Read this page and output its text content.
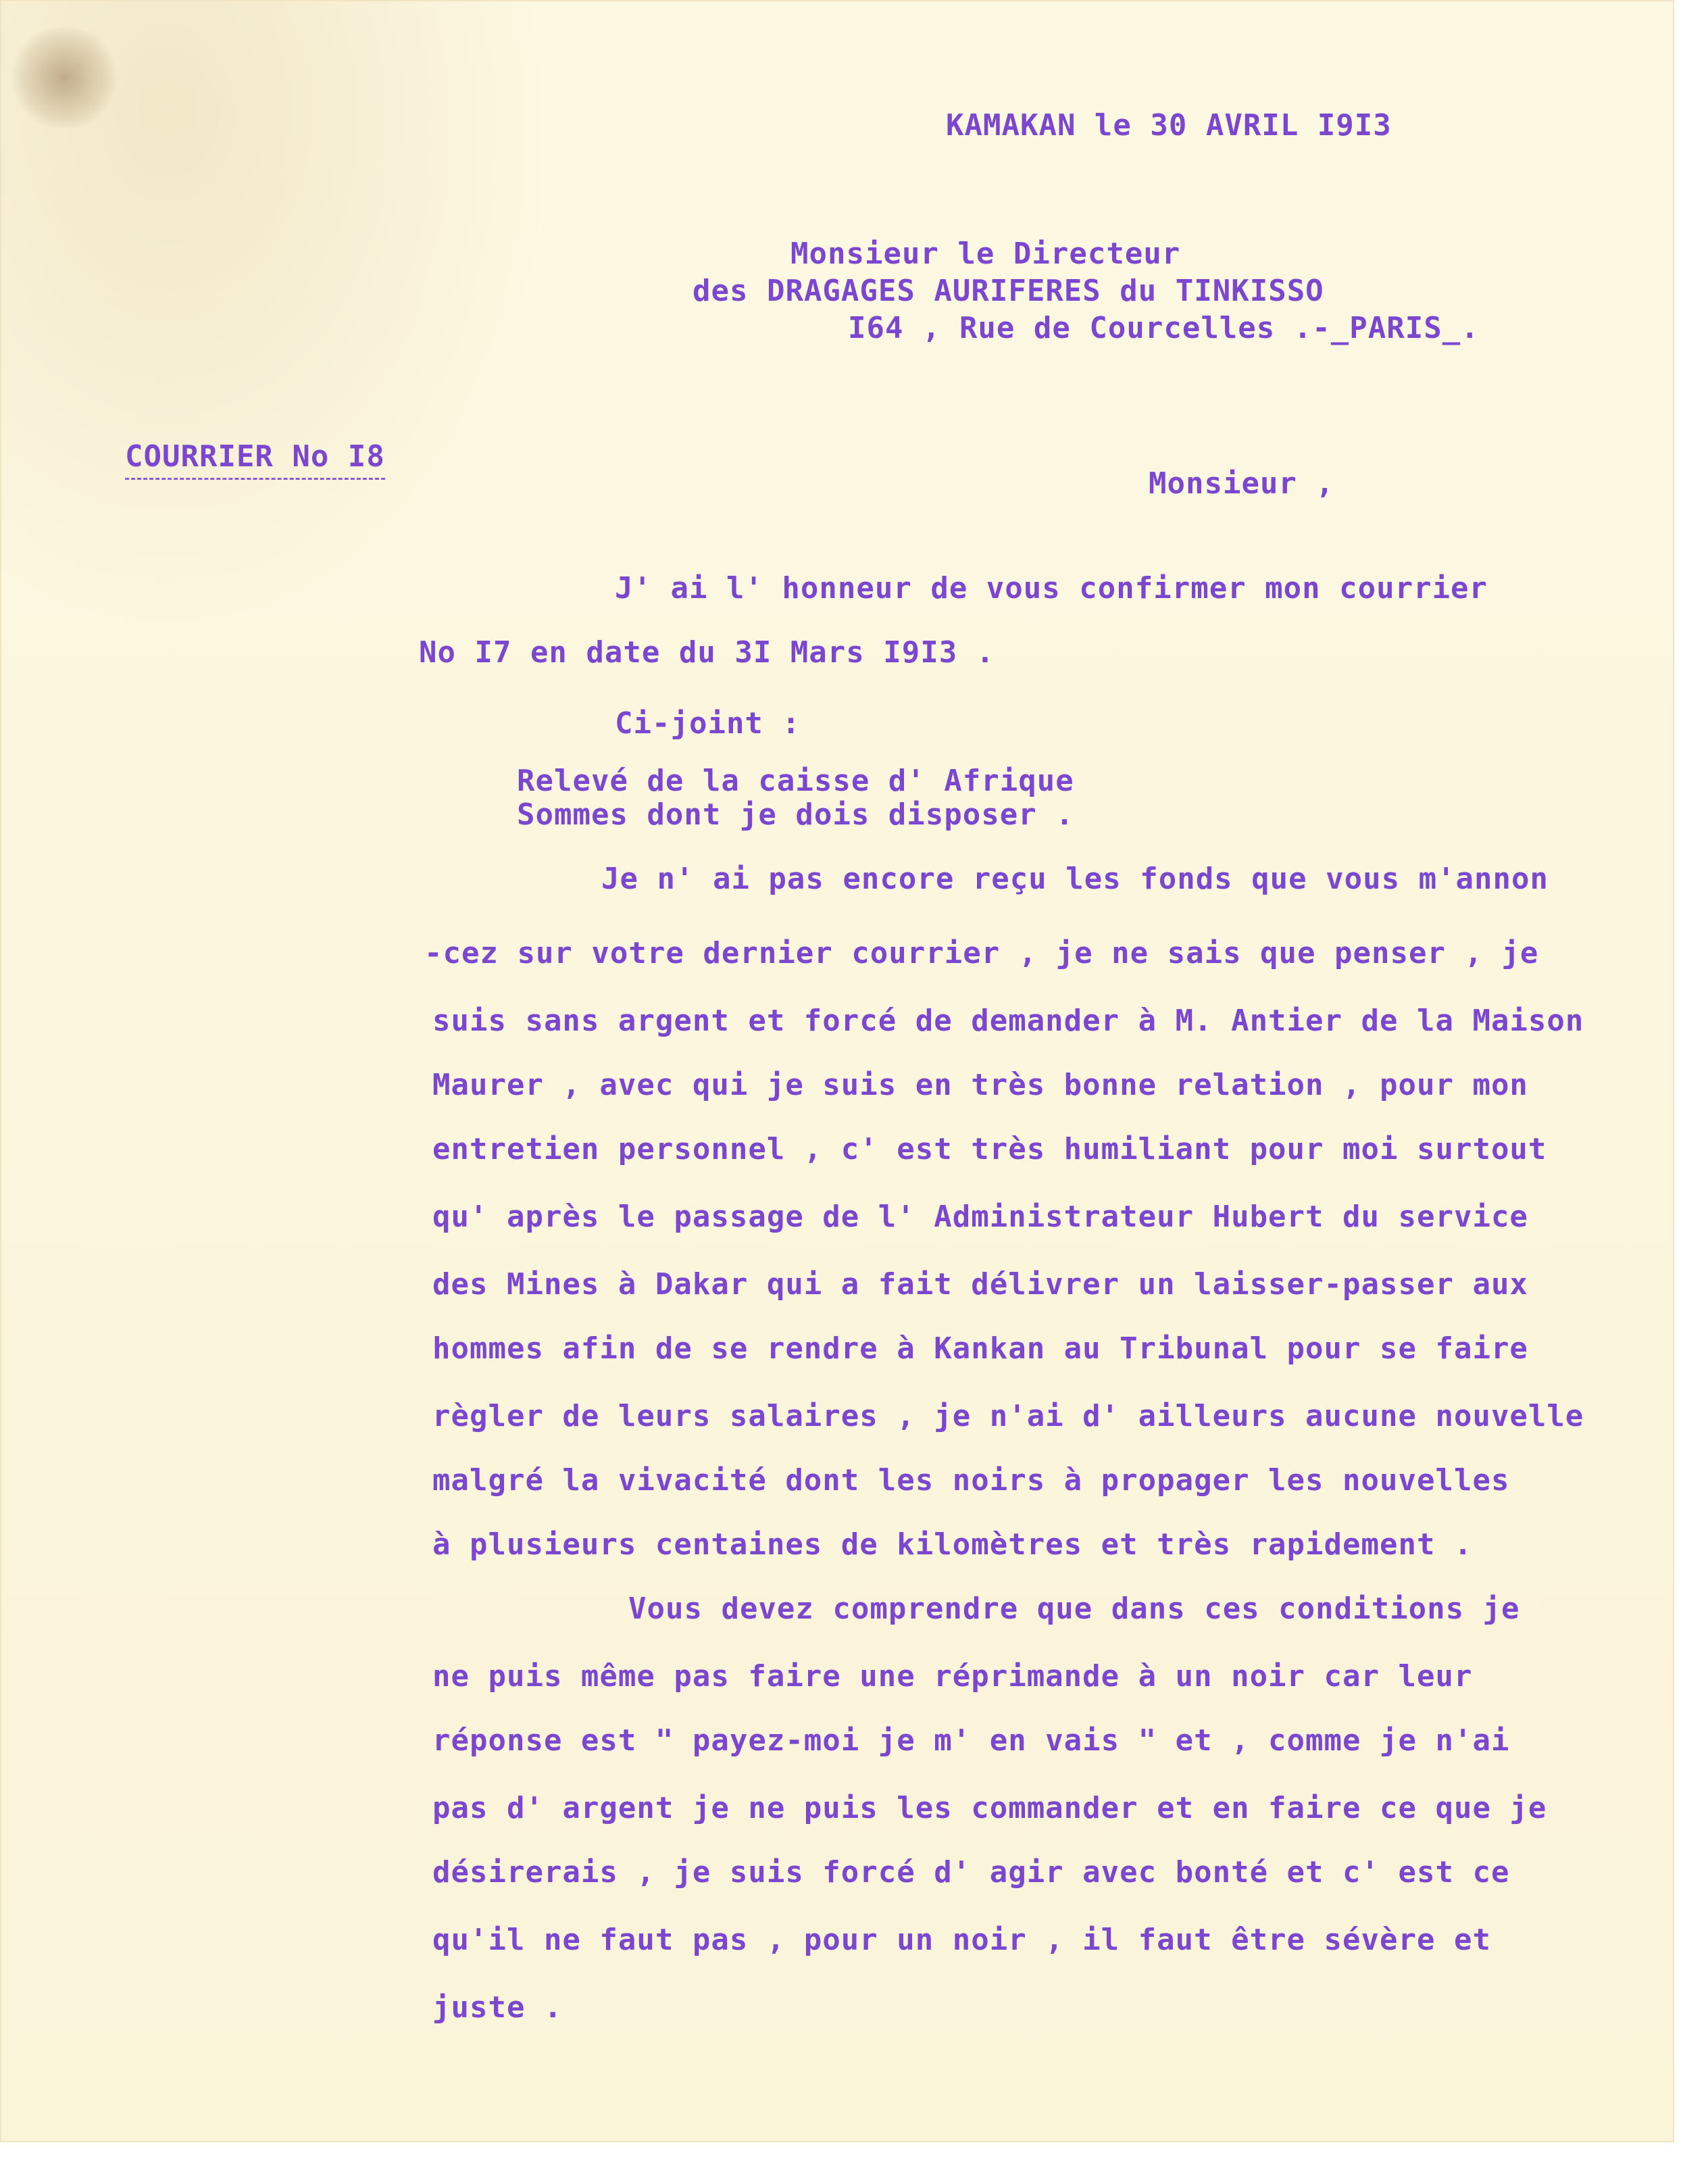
KAMAKAN le 30 AVRIL I9I3
Monsieur le Directeur
des DRAGAGES AURIFERES du TINKISSO
I64 , Rue de Courcelles .-_PARIS_.
COURRIER No I8
Monsieur ,
J' ai l' honneur de vous confirmer mon courrier
No I7 en date du 3I Mars I9I3 .
Ci-joint :
Relevé de la caisse d' Afrique
Sommes dont je dois disposer .
Je n' ai pas encore reçu les fonds que vous m'annon
-cez sur votre dernier courrier , je ne sais que penser , je
suis sans argent et forcé de demander à M. Antier de la Maison
Maurer , avec qui je suis en très bonne relation , pour mon
entretien personnel , c' est très humiliant pour moi surtout
qu' après le passage de l' Administrateur Hubert du service
des Mines à Dakar qui a fait délivrer un laisser-passer aux
hommes afin de se rendre à Kankan au Tribunal pour se faire
règler de leurs salaires , je n'ai d' ailleurs aucune nouvelle
malgré la vivacité dont les noirs à propager les nouvelles
à plusieurs centaines de kilomètres et très rapidement .
Vous devez comprendre que dans ces conditions je
ne puis même pas faire une réprimande à un noir car leur
réponse est " payez-moi je m' en vais " et , comme je n'ai
pas d' argent je ne puis les commander et en faire ce que je
désirerais , je suis forcé d' agir avec bonté et c' est ce
qu'il ne faut pas , pour un noir , il faut être sévère et
juste .
